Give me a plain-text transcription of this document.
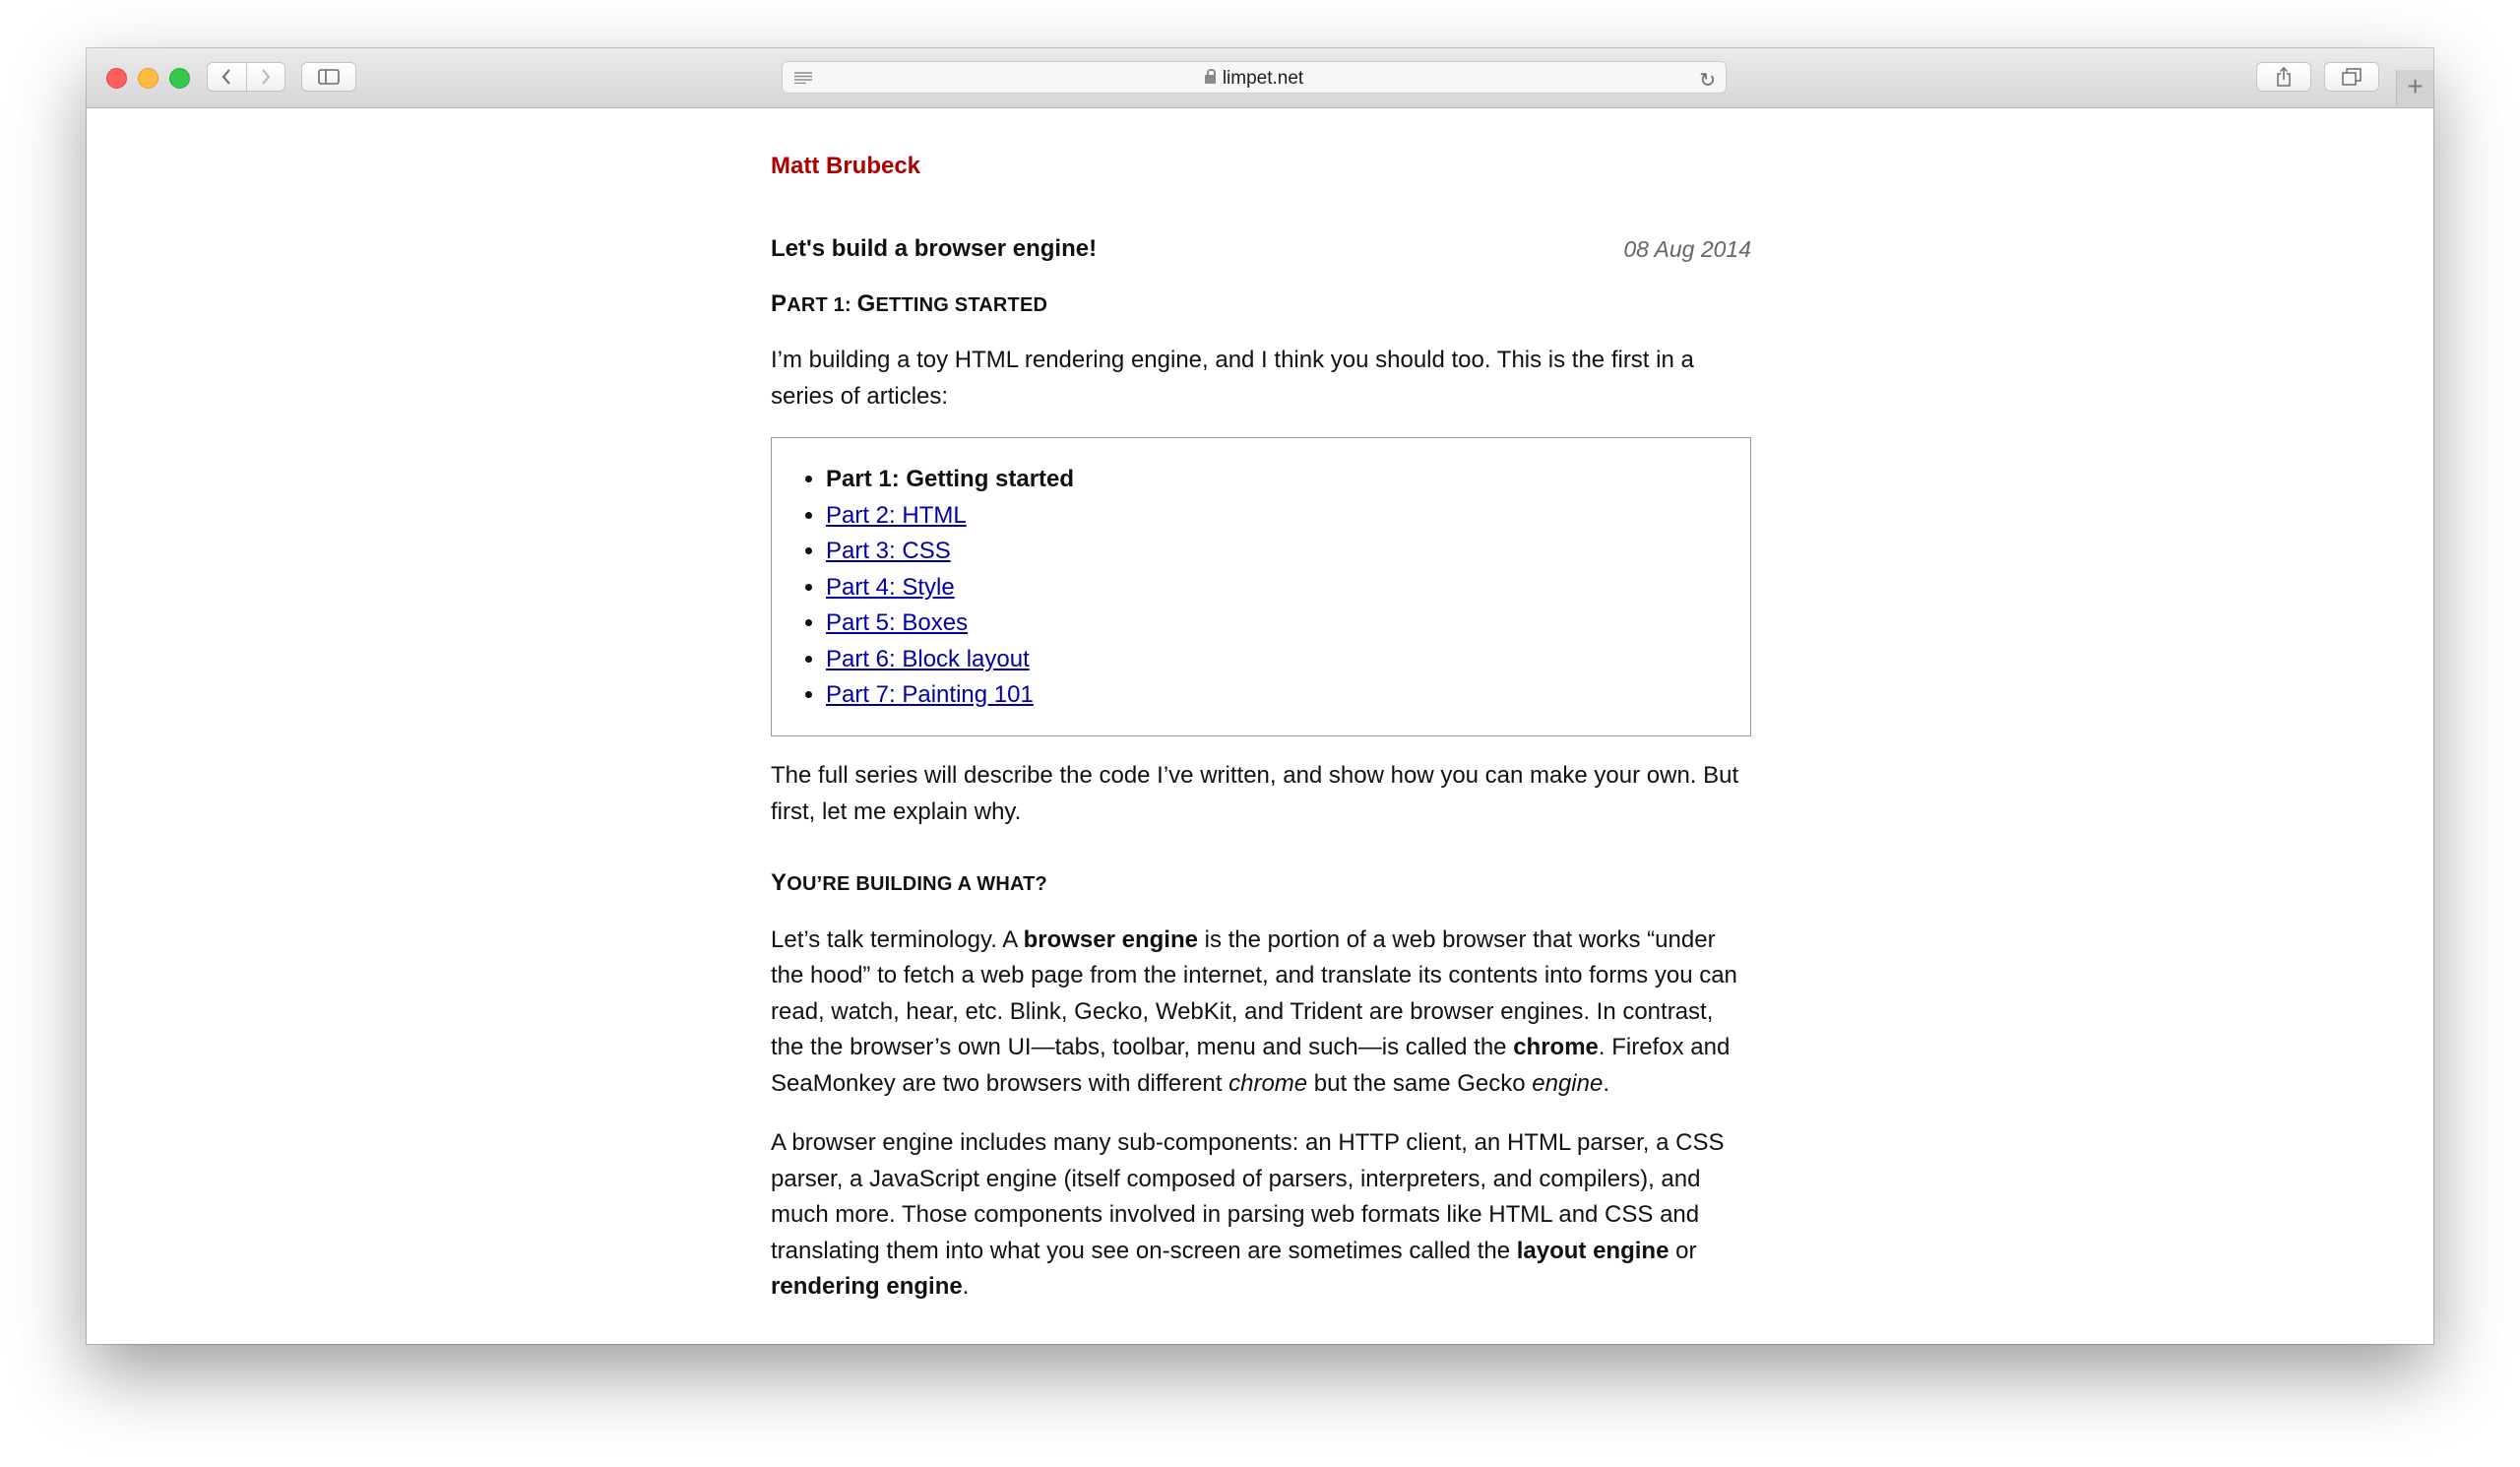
limpet.net	↻	+
Matt Brubeck
Let's build a browser engine!	08 Aug 2014
PART 1: GETTING STARTED

I’m building a toy HTML rendering engine, and I think you should too. This is the first in a series of articles:

• Part 1: Getting started
• Part 2: HTML
• Part 3: CSS
• Part 4: Style
• Part 5: Boxes
• Part 6: Block layout
• Part 7: Painting 101

The full series will describe the code I’ve written, and show how you can make your own. But first, let me explain why.

YOU’RE BUILDING A WHAT?

Let’s talk terminology. A browser engine is the portion of a web browser that works “under the hood” to fetch a web page from the internet, and translate its contents into forms you can read, watch, hear, etc. Blink, Gecko, WebKit, and Trident are browser engines. In contrast, the the browser’s own UI—tabs, toolbar, menu and such—is called the chrome. Firefox and SeaMonkey are two browsers with different chrome but the same Gecko engine.

A browser engine includes many sub-components: an HTTP client, an HTML parser, a CSS parser, a JavaScript engine (itself composed of parsers, interpreters, and compilers), and much more. Those components involved in parsing web formats like HTML and CSS and translating them into what you see on-screen are sometimes called the layout engine or rendering engine.
